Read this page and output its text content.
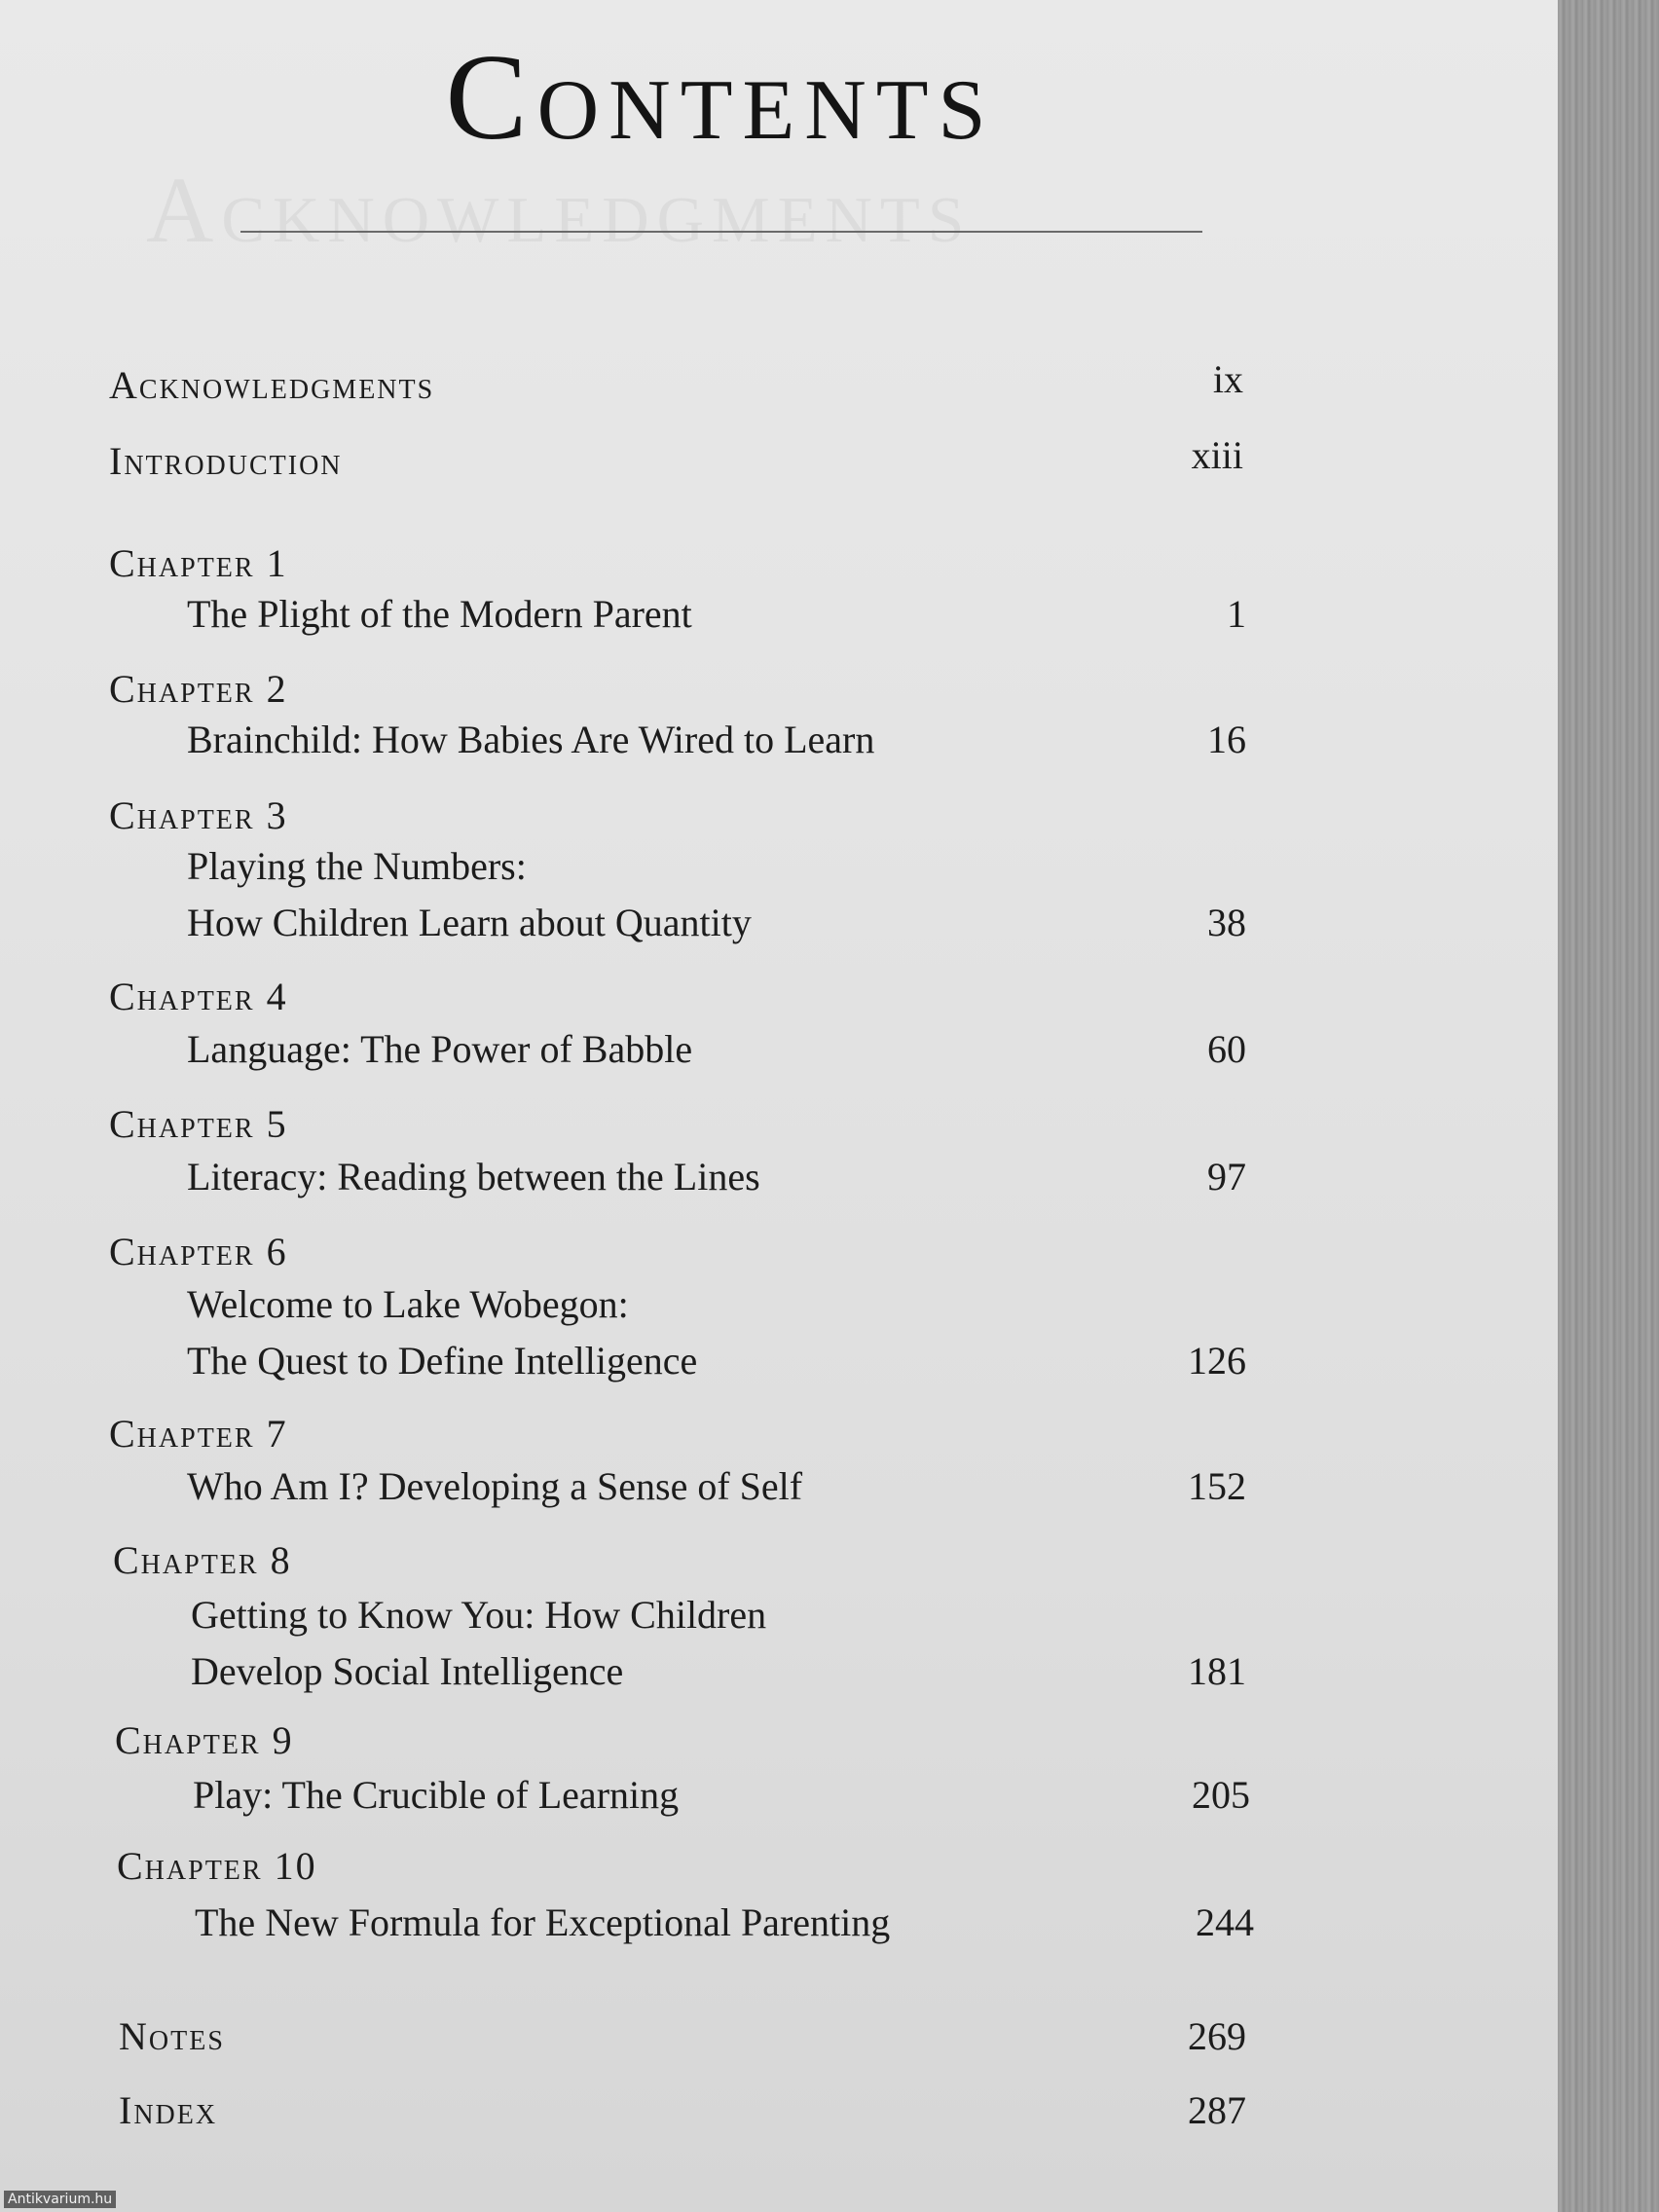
Acknowledgments
Contents
Acknowledgments	ix
Introduction	xiii
Chapter 1
The Plight of the Modern Parent	1
Chapter 2
Brainchild: How Babies Are Wired to Learn	16
Chapter 3
Playing the Numbers:
How Children Learn about Quantity	38
Chapter 4
Language: The Power of Babble	60
Chapter 5
Literacy: Reading between the Lines	97
Chapter 6
Welcome to Lake Wobegon:
The Quest to Define Intelligence	126
Chapter 7
Who Am I? Developing a Sense of Self	152
Chapter 8
Getting to Know You: How Children
Develop Social Intelligence	181
Chapter 9
Play: The Crucible of Learning	205
Chapter 10
The New Formula for Exceptional Parenting	244
Notes	269
Index	287
Antikvarium.hu
